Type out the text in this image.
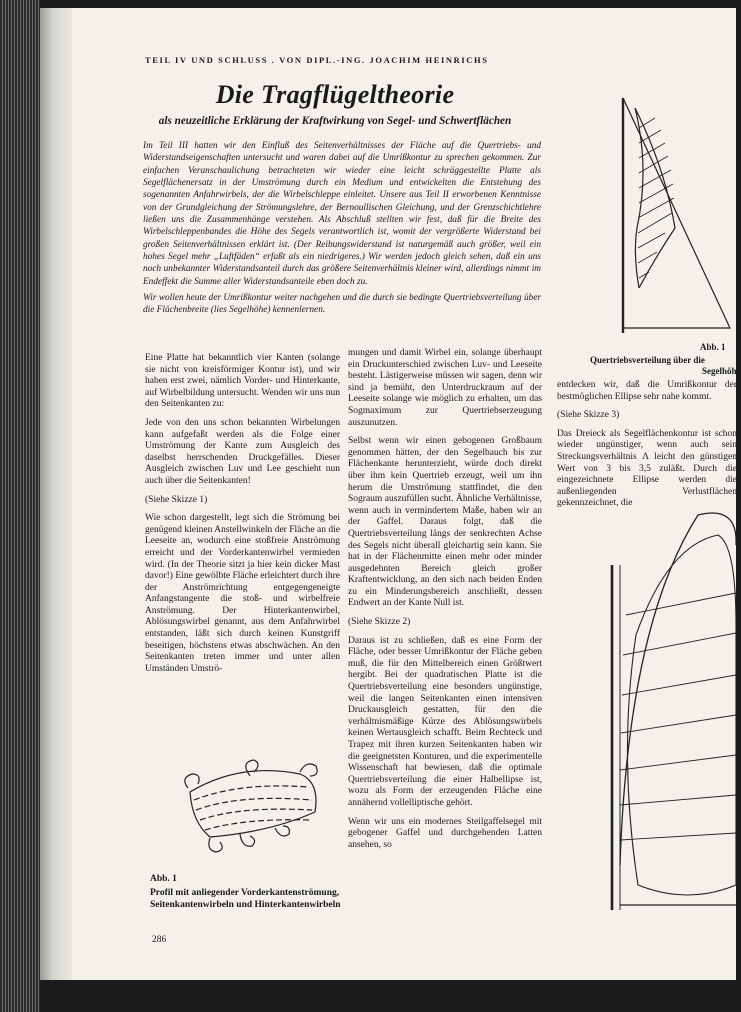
TEIL IV UND SCHLUSS . VON DIPL.-ING. JOACHIM HEINRICHS
Die Tragflügeltheorie
als neuzeitliche Erklärung der Kraftwirkung von Segel- und Schwertflächen

Im Teil III hatten wir den Einfluß des Seitenverhältnisses der Fläche auf die Quertriebs- und Widerstandseigenschaften untersucht und waren dabei auf die Umrißkontur zu sprechen gekommen. Zur einfachen Veranschaulichung betrachteten wir wieder eine leicht schräggestellte Platte als Segelflächenersatz in der Umströmung durch ein Medium und entwickelten die Entstehung des sogenannten Anfahrwirbels, der die Wirbelschleppe einleitet. Unsere aus Teil II erworbenen Kenntnisse von der Grundgleichung der Strömungslehre, der Bernoullischen Gleichung, und der Grenzschichtlehre ließen uns die Zusammenhänge verstehen. Als Abschluß stellten wir fest, daß für die Breite des Wirbelschleppenbandes die Höhe des Segels verantwortlich ist, womit der vergrößerte Widerstand bei großen Seitenverhältnissen erklärt ist. (Der Reibungswiderstand ist naturgemäß auch größer, weil ein hohes Segel mehr „Luftfäden“ erfaßt als ein niedrigeres.) Wir werden jedoch gleich sehen, daß ein uns noch unbekannter Widerstandsanteil durch das größere Seitenverhältnis kleiner wird, allerdings nimmt im Endeffekt die Summe aller Widerstandsanteile eben doch zu.

Wir wollen heute der Umrißkontur weiter nachgehen und die durch sie bedingte Quertriebsverteilung über die Flächenbreite (lies Segelhöhe) kennenlernen.

Eine Platte hat bekanntlich vier Kanten (solange sie nicht von kreisförmiger Kontur ist), und wir haben erst zwei, nämlich Vorder- und Hinterkante, auf Wirbelbildung untersucht. Wenden wir uns nun den Seitenkanten zu:

Jede von den uns schon bekannten Wirbelungen kann aufgefaßt werden als die Folge einer Umströmung der Kante zum Ausgleich des daselbst herrschenden Druckgefälles. Dieser Ausgleich zwischen Luv und Lee geschieht nun auch über die Seitenkanten!

(Siehe Skizze 1)

Wie schon dargestellt, legt sich die Strömung bei genügend kleinen Anstellwinkeln der Fläche an die Leeseite an, wodurch eine stoßfreie Anströmung erreicht und der Vorderkantenwirbel vermieden wird. (In der Theorie sitzt ja hier kein dicker Mast davor!) Eine gewölbte Fläche erleichtert durch ihre der Anströmrichtung entgegengeneigte Anfangstangente die stoß- und wirbelfreie Anströmung. Der Hinterkantenwirbel, Ablösungswirbel genannt, aus dem Anfahrwirbel entstanden, läßt sich durch keinen Kunstgriff beseitigen, höchstens etwas abschwächen. An den Seitenkanten treten immer und unter allen Umständen Umströ-

mungen und damit Wirbel ein, solange überhaupt ein Druckunterschied zwischen Luv- und Leeseite besteht. Lästigerweise müssen wir sagen, denn wir sind ja bemüht, den Unterdruckraum auf der Leeseite solange wie möglich zu erhalten, um das Sogmaximum zur Quertriebserzeugung auszunutzen.

Selbst wenn wir einen gebogenen Großbaum genommen hätten, der den Segelbauch bis zur Flächenkante herunterzieht, würde doch direkt über ihm kein Quertrieb erzeugt, weil um ihn herum die Umströmung stattfindet, die den Sograum auszufüllen sucht. Ähnliche Verhältnisse, wenn auch in vermindertem Maße, haben wir an der Gaffel. Daraus folgt, daß die Quertriebsverteilung längs der senkrechten Achse des Segels nicht überall gleichartig sein kann. Sie hat in der Flächenmitte einen mehr oder minder ausgedehnten Bereich gleich großer Kraftentwicklung, an den sich nach beiden Enden zu ein Minderungsbereich anschließt, dessen Endwert an der Kante Null ist.

(Siehe Skizze 2)

Daraus ist zu schließen, daß es eine Form der Fläche, oder besser Umrißkontur der Fläche geben muß, die für den Mittelbereich einen Größtwert hergibt. Bei der quadratischen Platte ist die Quertriebsverteilung eine besonders ungünstige, weil die langen Seitenkanten einen intensiven Druckausgleich gestatten, für den die verhältnismäßige Kürze des Ablösungswirbels keinen Wertausgleich schafft. Beim Rechteck und Trapez mit ihren kurzen Seitenkanten haben wir die geeignetsten Konturen, und die experimentelle Wissenschaft hat bewiesen, daß die optimale Quertriebsverteilung die einer Halbellipse ist, wozu als Form der erzeugenden Fläche eine annähernd vollelliptische gehört.

Wenn wir uns ein modernes Steilgaffelsegel mit gebogener Gaffel und durchgehenden Latten ansehen, so

entdecken wir, daß die Umrißkontur der bestmöglichen Ellipse sehr nahe kommt.

(Siehe Skizze 3)

Das Dreieck als Segelflächenkontur ist schon wieder ungünstiger, wenn auch sein Streckungsverhältnis Λ leicht den günstigen Wert von 3 bis 3,5 zuläßt. Durch die eingezeichnete Ellipse werden die außenliegenden Verlustflächen gekennzeichnet, die

Abb. 1
Profil mit anliegender Vorderkantenströmung, Seitenkantenwirbeln und Hinterkantenwirbeln
286
Abb. 1
Quertriebsverteilung über die
Segelhöhe
